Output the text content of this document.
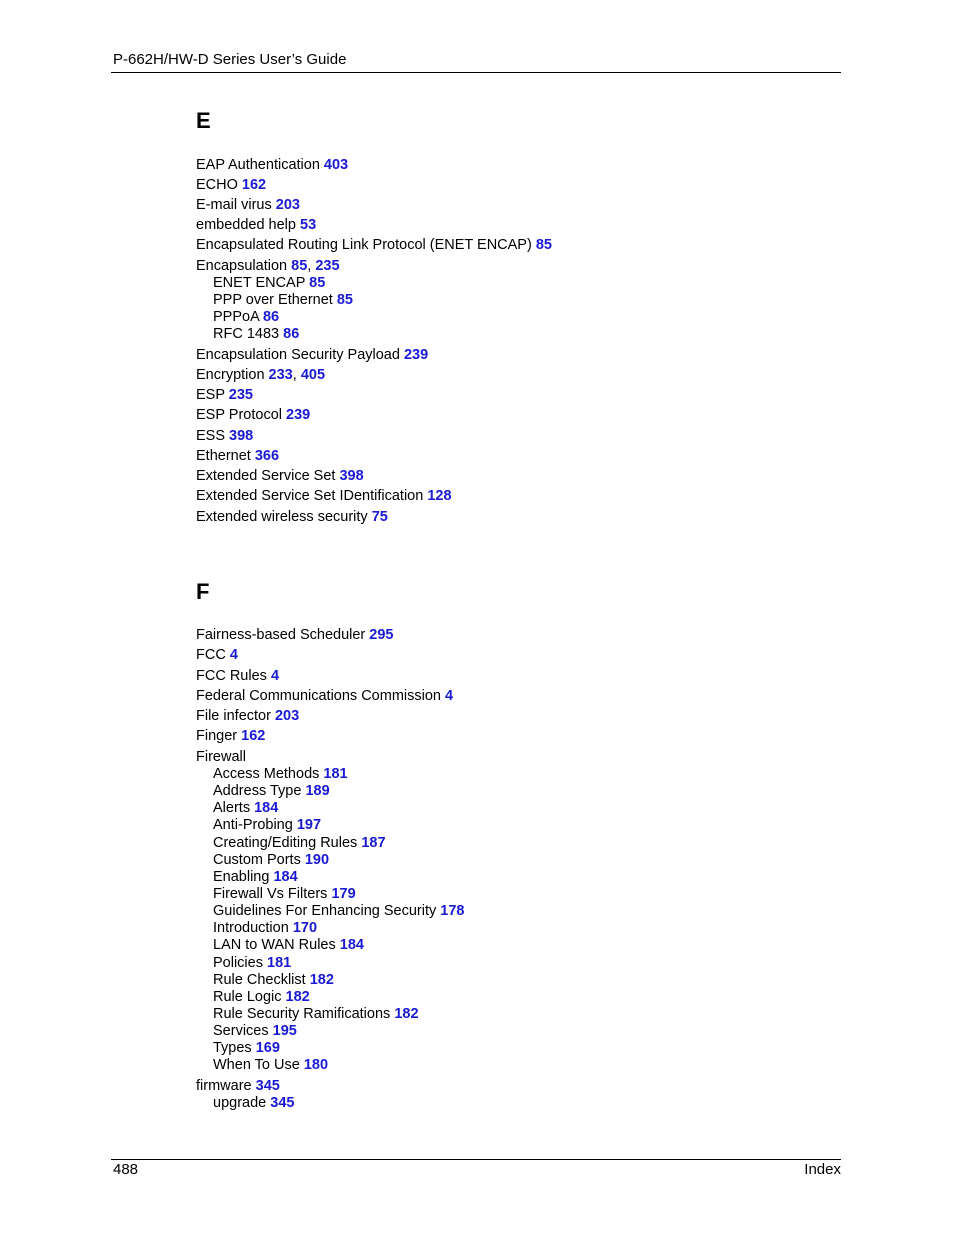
P-662H/HW-D Series User’s Guide
E
F
EAP Authentication 403
ECHO 162
E-mail virus 203
embedded help 53
Encapsulated Routing Link Protocol (ENET ENCAP) 85
Encapsulation 85, 235
ENET ENCAP 85
PPP over Ethernet 85
PPPoA 86
RFC 1483 86
Encapsulation Security Payload 239
Encryption 233, 405
ESP 235
ESP Protocol 239
ESS 398
Ethernet 366
Extended Service Set 398
Extended Service Set IDentification 128
Extended wireless security 75
Fairness-based Scheduler 295
FCC 4
FCC Rules 4
Federal Communications Commission 4
File infector 203
Finger 162
Firewall
Access Methods 181
Address Type 189
Alerts 184
Anti-Probing 197
Creating/Editing Rules 187
Custom Ports 190
Enabling 184
Firewall Vs Filters 179
Guidelines For Enhancing Security 178
Introduction 170
LAN to WAN Rules 184
Policies 181
Rule Checklist 182
Rule Logic 182
Rule Security Ramifications 182
Services 195
Types 169
When To Use 180
firmware 345
upgrade 345
488	Index
